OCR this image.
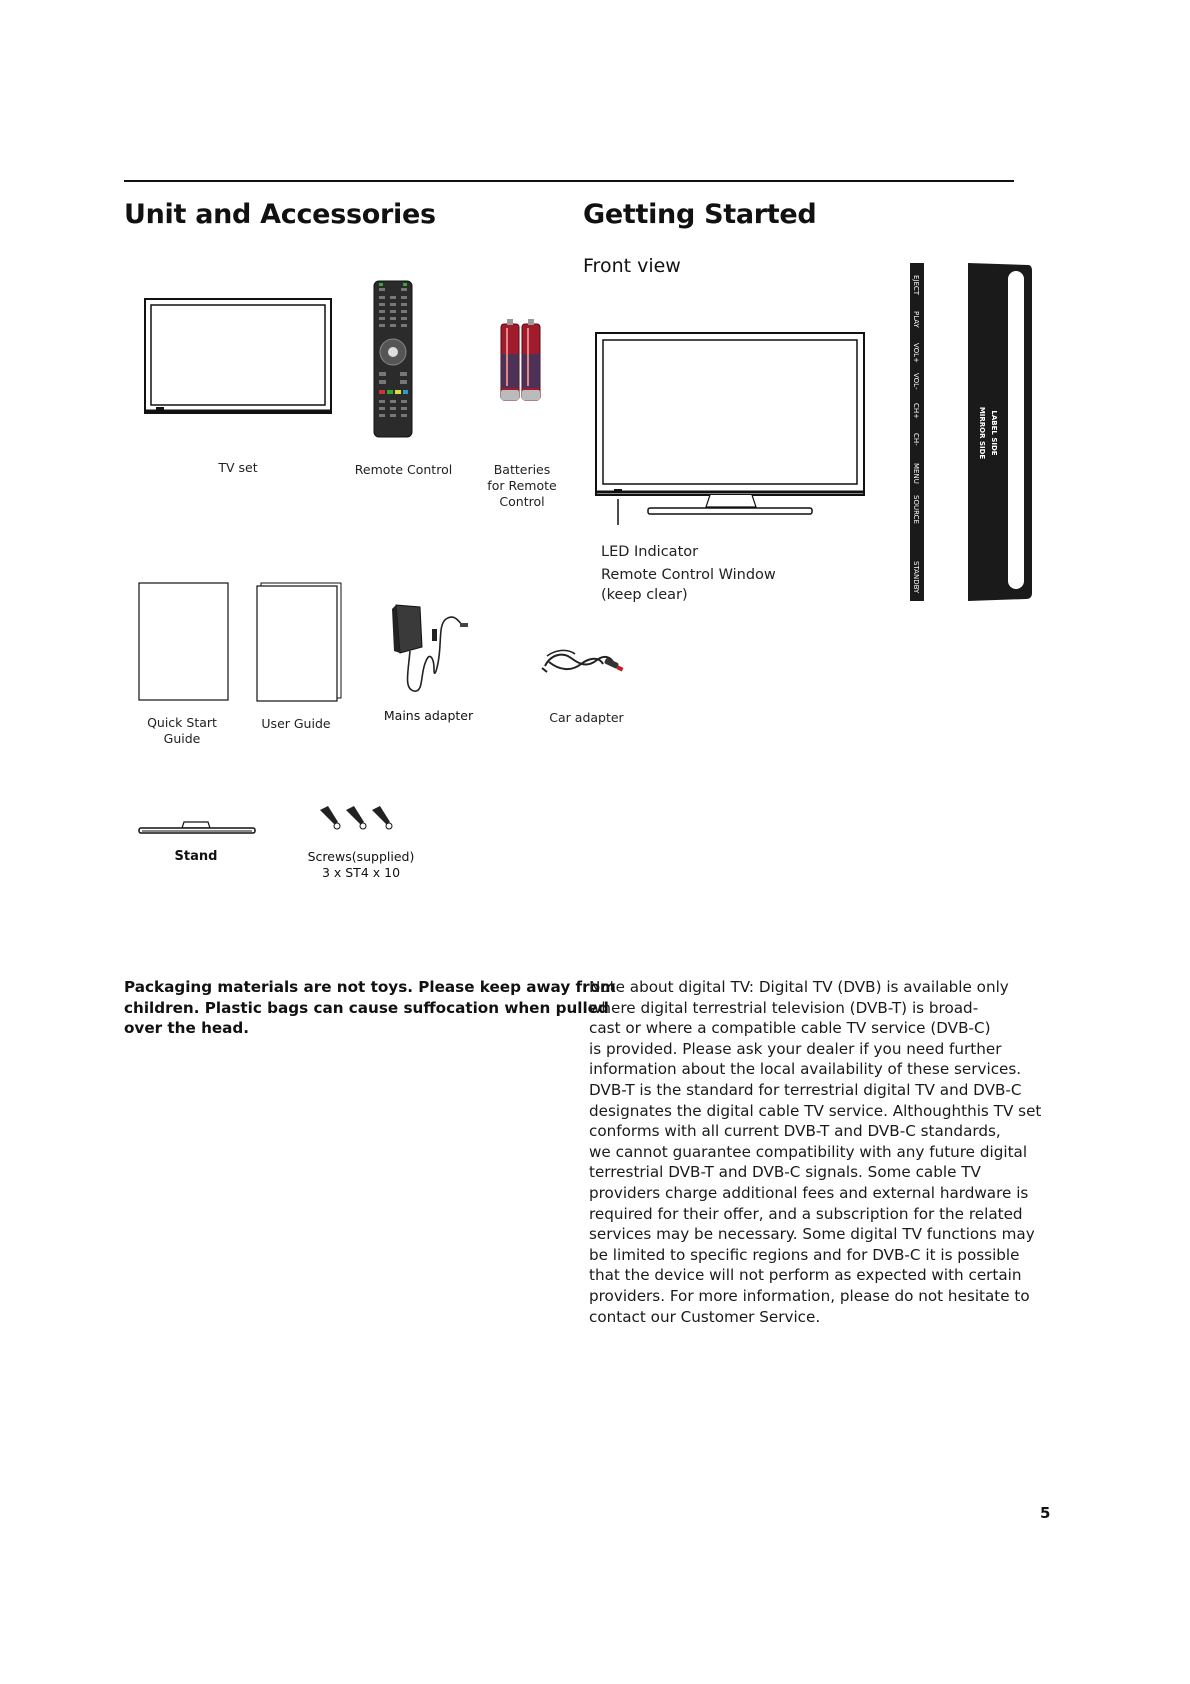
Unit and Accessories	Getting Started
Front view
TV set	Remote Control	Batteries
for Remote
Control
Quick Start
Guide
User Guide
Mains adapter	Car adapter
Stand	Screws(supplied)
3 x ST4 x 10
LED Indicator
Remote Control Window
(keep clear)
EJECT
PLAY
VOL+
VOL-
CH+
CH-
MENU
SOURCE
STANDBY
LABEL SIDE
MIRROR SIDE
Packaging materials are not toys. Please keep away from
children. Plastic bags can cause suffocation when pulled
over the head.
Note about digital TV: Digital TV (DVB) is available only
where digital terrestrial television (DVB-T) is broad-
cast or where a compatible cable TV service (DVB-C)
is provided. Please ask your dealer if you need further
information about the local availability of these services.
DVB-T is the standard for terrestrial digital TV and DVB-C
designates the digital cable TV service. Althoughthis TV set
conforms with all current DVB-T and DVB-C standards,
we cannot guarantee compatibility with any future digital
terrestrial DVB-T and DVB-C signals. Some cable TV
providers charge additional fees and external hardware is
required for their offer, and a subscription for the related
services may be necessary. Some digital TV functions may
be limited to specific regions and for DVB-C it is possible
that the device will not perform as expected with certain
providers. For more information, please do not hesitate to
contact our Customer Service.
5
